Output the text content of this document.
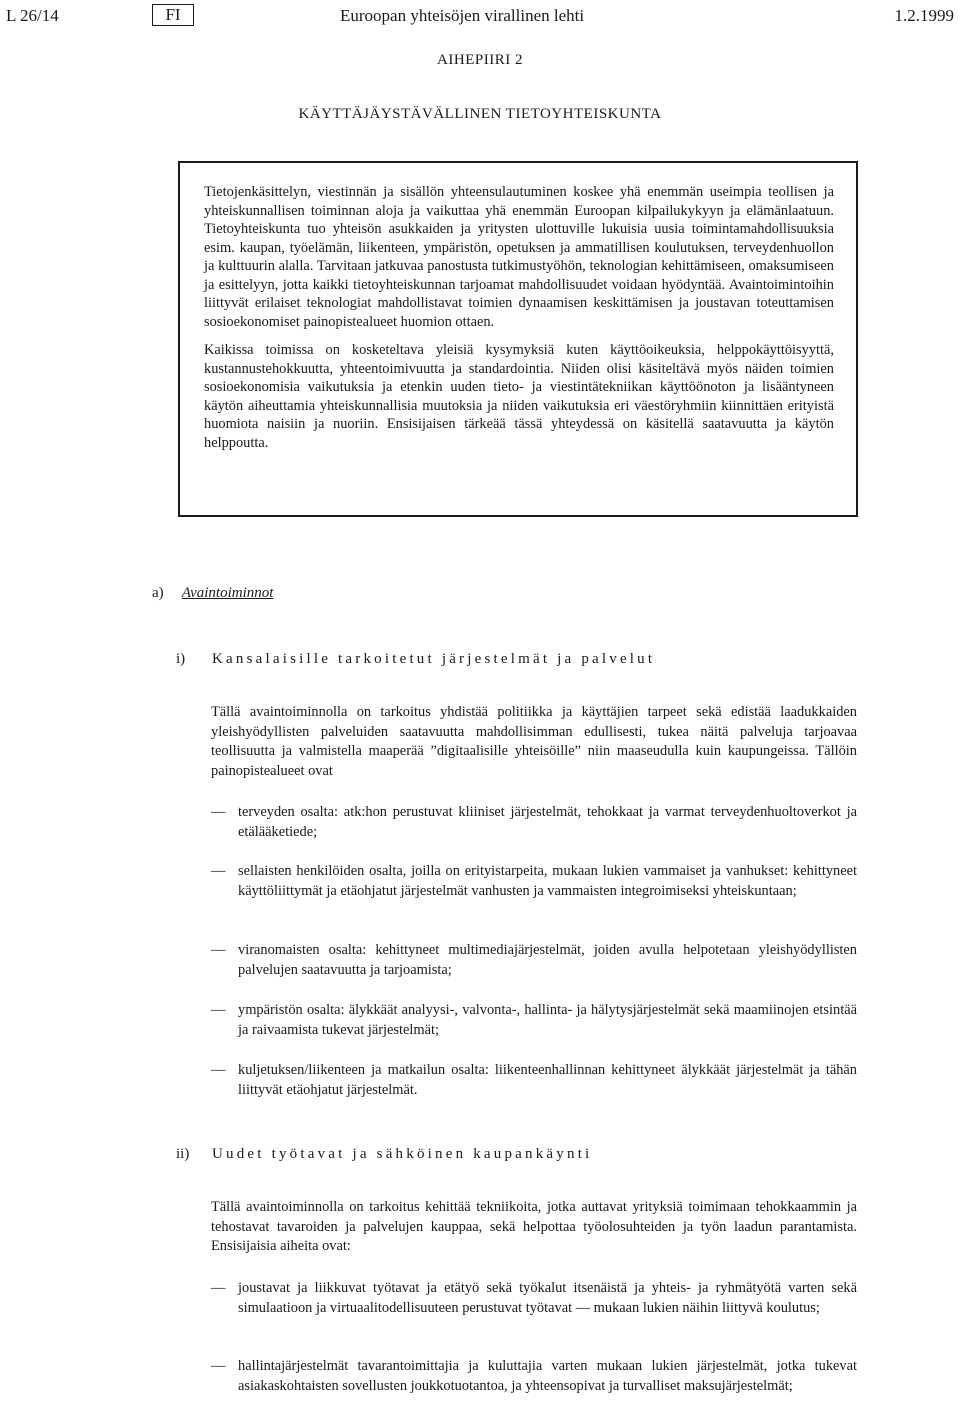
L 26/14	FI	Euroopan yhteisöjen virallinen lehti	1.2.1999
AIHEPIIRI 2
KÄYTTÄJÄYSTÄVÄLLINEN TIETOYHTEISKUNTA

Tietojenkäsittelyn, viestinnän ja sisällön yhteensulautuminen koskee yhä enemmän useimpia teollisen ja yhteiskunnallisen toiminnan aloja ja vaikuttaa yhä enemmän Euroopan kilpailukykyyn ja elämänlaatuun. Tietoyhteiskunta tuo yhteisön asukkaiden ja yritysten ulottuville lukuisia uusia toimintamahdollisuuksia esim. kaupan, työelämän, liikenteen, ympäristön, opetuksen ja ammatillisen koulutuksen, terveydenhuollon ja kulttuurin alalla. Tarvitaan jatkuvaa panostusta tutkimustyöhön, teknologian kehittämiseen, omaksumiseen ja esittelyyn, jotta kaikki tietoyhteiskunnan tarjoamat mahdollisuudet voidaan hyödyntää. Avaintoimintoihin liittyvät erilaiset teknologiat mahdollistavat toimien dynaamisen keskittämisen ja joustavan toteuttamisen sosioekonomiset painopistealueet huomion ottaen.

Kaikissa toimissa on kosketeltava yleisiä kysymyksiä kuten käyttöoikeuksia, helppokäyttöisyyttä, kustannustehokkuutta, yhteentoimivuutta ja standardointia. Niiden olisi käsiteltävä myös näiden toimien sosioekonomisia vaikutuksia ja etenkin uuden tieto- ja viestintätekniikan käyttöönoton ja lisääntyneen käytön aiheuttamia yhteiskunnallisia muutoksia ja niiden vaikutuksia eri väestöryhmiin kiinnittäen erityistä huomiota naisiin ja nuoriin. Ensisijaisen tärkeää tässä yhteydessä on käsitellä saatavuutta ja käytön helppoutta.

a) Avaintoiminnot
i) Kansalaisille tarkoitetut järjestelmät ja palvelut

Tällä avaintoiminnolla on tarkoitus yhdistää politiikka ja käyttäjien tarpeet sekä edistää laadukkaiden yleishyödyllisten palveluiden saatavuutta mahdollisimman edullisesti, tukea näitä palveluja tarjoavaa teollisuutta ja valmistella maaperää ”digitaalisille yhteisöille” niin maaseudulla kuin kaupungeissa. Tällöin painopistealueet ovat

— terveyden osalta: atk:hon perustuvat kliiniset järjestelmät, tehokkaat ja varmat terveydenhuoltoverkot ja etälääketiede;
— sellaisten henkilöiden osalta, joilla on erityistarpeita, mukaan lukien vammaiset ja vanhukset: kehittyneet käyttöliittymät ja etäohjatut järjestelmät vanhusten ja vammaisten integroimiseksi yhteiskuntaan;
— viranomaisten osalta: kehittyneet multimediajärjestelmät, joiden avulla helpotetaan yleishyödyllisten palvelujen saatavuutta ja tarjoamista;
— ympäristön osalta: älykkäät analyysi-, valvonta-, hallinta- ja hälytysjärjestelmät sekä maamiinojen etsintää ja raivaamista tukevat järjestelmät;
— kuljetuksen/liikenteen ja matkailun osalta: liikenteenhallinnan kehittyneet älykkäät järjestelmät ja tähän liittyvät etäohjatut järjestelmät.
ii) Uudet työtavat ja sähköinen kaupankäynti

Tällä avaintoiminnolla on tarkoitus kehittää tekniikoita, jotka auttavat yrityksiä toimimaan tehokkaammin ja tehostavat tavaroiden ja palvelujen kauppaa, sekä helpottaa työolosuhteiden ja työn laadun parantamista. Ensisijaisia aiheita ovat:

— joustavat ja liikkuvat työtavat ja etätyö sekä työkalut itsenäistä ja yhteis- ja ryhmätyötä varten sekä simulaatioon ja virtuaalitodellisuuteen perustuvat työtavat — mukaan lukien näihin liittyvä koulutus;
— hallintajärjestelmät tavarantoimittajia ja kuluttajia varten mukaan lukien järjestelmät, jotka tukevat asiakaskohtaisten sovellusten joukkotuotantoa, ja yhteensopivat ja turvalliset maksujärjestelmät;
